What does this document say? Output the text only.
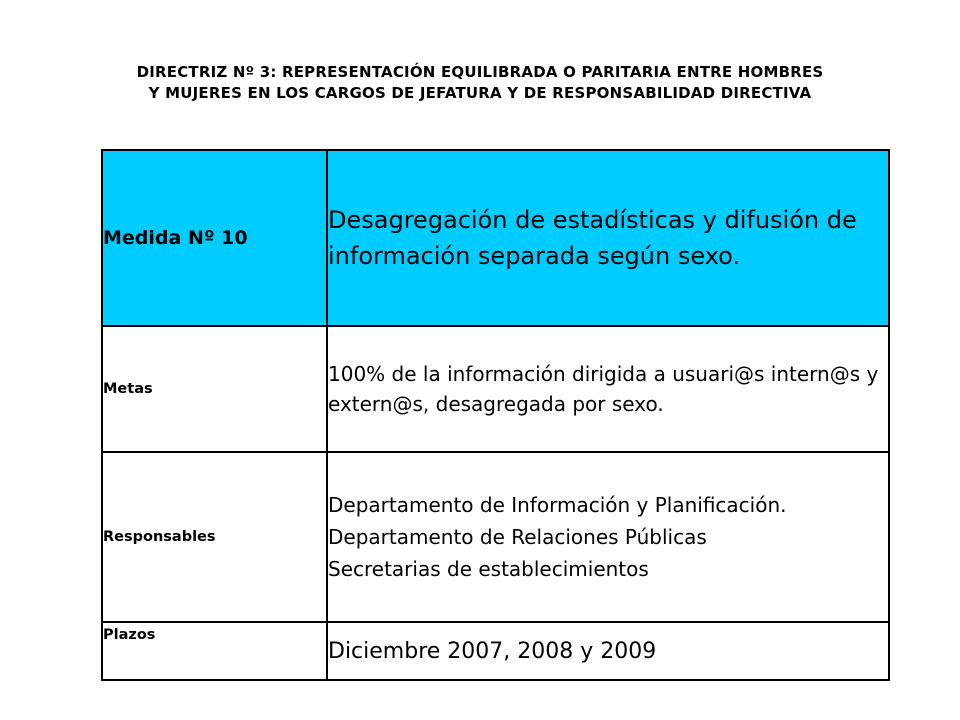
DIRECTRIZ Nº 3: REPRESENTACIÓN EQUILIBRADA O PARITARIA ENTRE HOMBRES
Y MUJERES EN LOS CARGOS DE JEFATURA Y DE RESPONSABILIDAD DIRECTIVA
Medida Nº 10	Desagregación de estadísticas y difusión de información separada según sexo.
Metas	100% de la información dirigida a usuari@s intern@s y extern@s, desagregada por sexo.
Responsables	Departamento de Información y Planificación.

Departamento de Relaciones Públicas

Secretarias de establecimientos

Plazos	Diciembre 2007, 2008 y 2009
